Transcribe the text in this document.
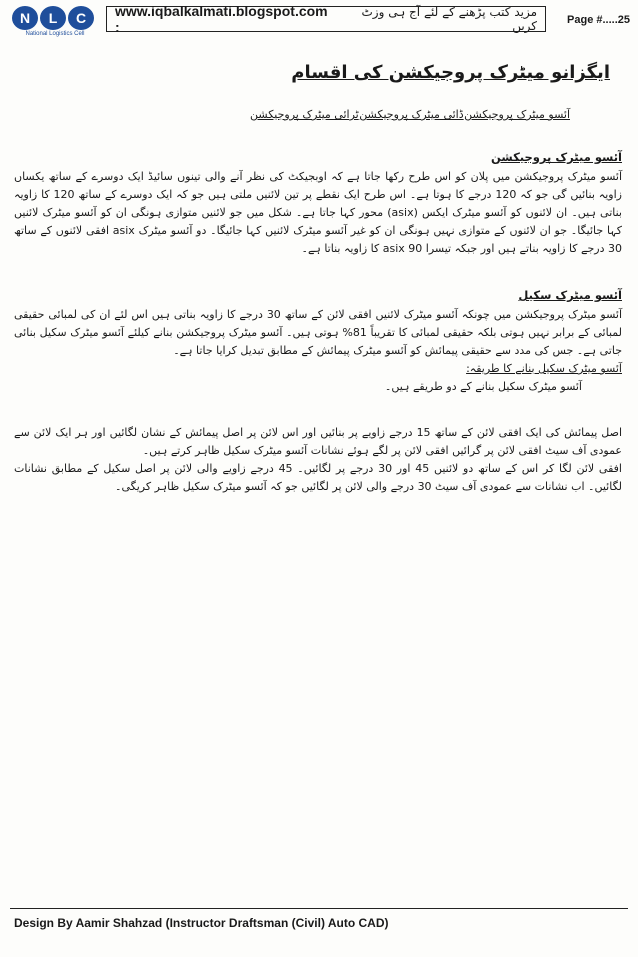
N	L	C
National Logistics Cell
www.iqbalkalmati.blogspot.com :
مزید کتب پڑھنے کے لئے آج ہی وزٹ کریں	Page #.....25
ایگزانو میٹرک پروجیکشن کی اقسام
آئسو میٹرک پروجیکشن
ڈائی میٹرک پروجیکشن
ٹرائی میٹرک پروجیکشن
آئسو میٹرک پروجیکشن

آئسو میٹرک پروجیکشن میں پلان کو اس طرح رکھا جاتا ہے کہ اوبجیکٹ کی نظر آنے والی تینوں سائیڈ ایک دوسرے کے ساتھ یکساں زاویہ بنائیں گی جو کہ 120 درجے کا ہوتا ہے۔ اس طرح ایک نقطے پر تین لائنیں ملتی ہیں جو کہ ایک دوسرے کے ساتھ 120 کا زاویہ بناتی ہیں۔ ان لائنوں کو آئسو میٹرک ایکس (asix) محور کہا جاتا ہے۔ شکل میں جو لائنیں متوازی ہونگی ان کو آئسو میٹرک لائنیں کہا جائیگا۔ جو ان لائنوں کے متوازی نہیں ہونگی ان کو غیر آئسو میٹرک لائنیں کہا جائیگا۔ دو آئسو میٹرک asix افقی لائنوں کے ساتھ 30 درجے کا زاویہ بناتے ہیں اور جبکہ تیسرا asix 90 کا زاویہ بناتا ہے۔

آئسو میٹرک سکیل

آئسو میٹرک پروجیکشن میں چونکہ آئسو میٹرک لائنیں افقی لائن کے ساتھ 30 درجے کا زاویہ بناتی ہیں اس لئے ان کی لمبائی حقیقی لمبائی کے برابر نہیں ہوتی بلکہ حقیقی لمبائی کا تقریباً 81% ہوتی ہیں۔ آئسو میٹرک پروجیکشن بنانے کیلئے آئسو میٹرک سکیل بنائی جاتی ہے۔ جس کی مدد سے حقیقی پیمائش کو آئسو میٹرک پیمائش کے مطابق تبدیل کرایا جاتا ہے۔

آئسو میٹرک سکیل بنانے کا طریقہ:

آئسو میٹرک سکیل بنانے کے دو طریقے ہیں۔

اصل پیمائش کی ایک افقی لائن کے ساتھ 15 درجے زاویے پر بنائیں اور اس لائن پر اصل پیمائش کے نشان لگائیں اور ہر ایک لائن سے عمودی آف سیٹ افقی لائن پر گرائیں افقی لائن پر لگے ہوئے نشانات آئسو میٹرک سکیل ظاہر کرتے ہیں۔

افقی لائن لگا کر اس کے ساتھ دو لائنیں 45 اور 30 درجے پر لگائیں۔ 45 درجے زاویے والی لائن پر اصل سکیل کے مطابق نشانات لگائیں۔ اب نشانات سے عمودی آف سیٹ 30 درجے والی لائن پر لگائیں جو کہ آئسو میٹرک سکیل ظاہر کریگی۔

Design By Aamir Shahzad (Instructor Draftsman (Civil) Auto CAD)
